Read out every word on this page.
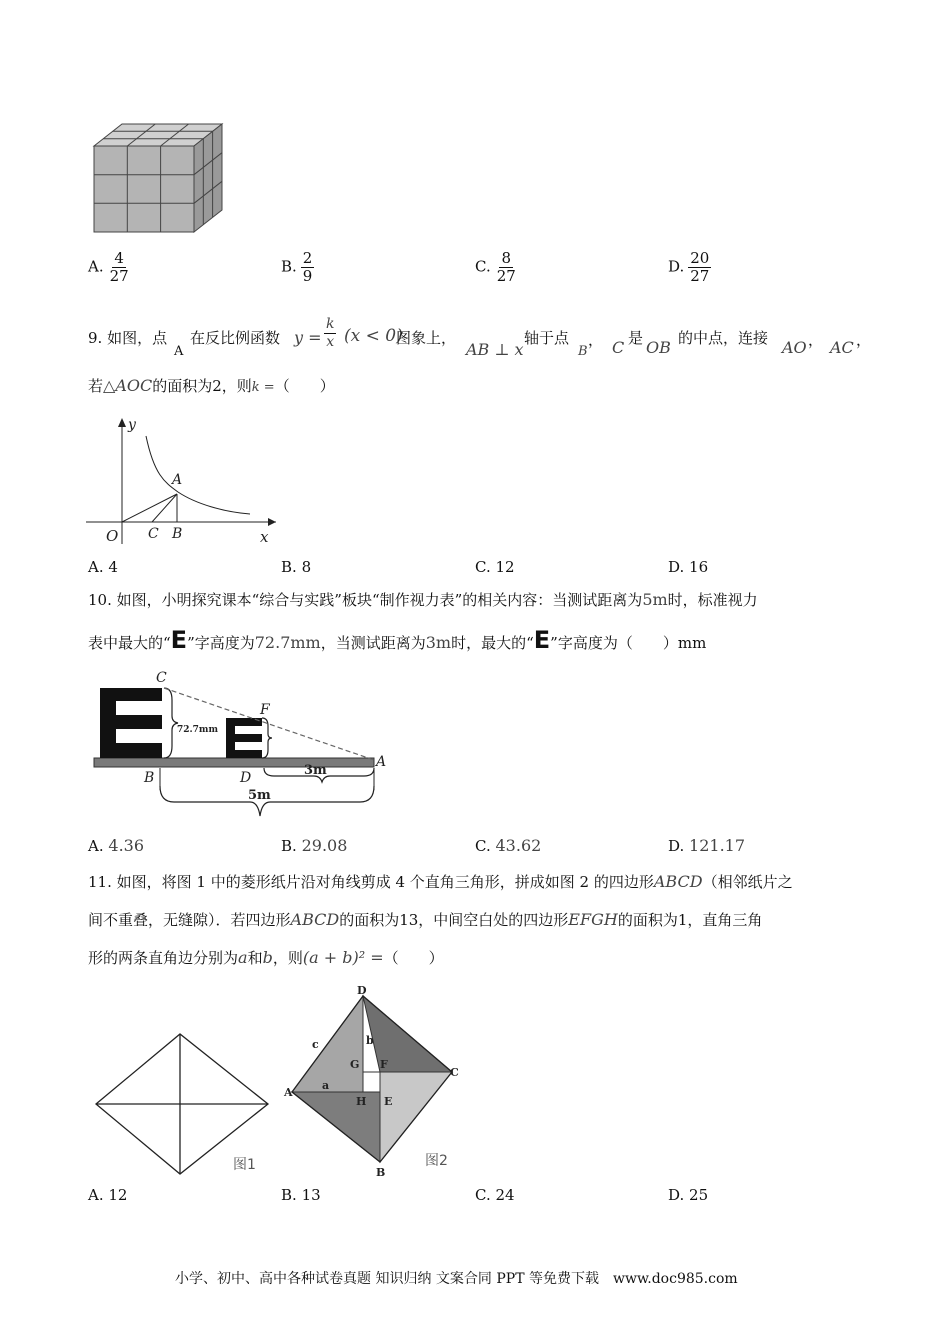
A. $\frac{4}{27}$	B. $\frac{2}{9}$	C. $\frac{8}{27}$	D. $\frac{20}{27}$
9. 如图，点
A
在反比例函数 $y = \frac{k}{x} (x < 0)$
图象上，
AB ⊥ x
轴于点
B
， C 是 OB 的中点，连接 AO ， AC ，
若△AOC的面积为2，则k =（　　）
y
A
O C B	x
A. 4	B. 8	C. 12	D. 16
10. 如图，小明探究课本“综合与实践”板块“制作视力表”的相关内容：当测试距离为5m时，标准视力
表中最大的“E”字高度为72.7mm，当测试距离为3m时，最大的“E”字高度为（　　）mm
C
F
A
B	D
72.7mm
3m
5m
A. 4.36	B. 29.08	C. 43.62	D. 121.17
11. 如图，将图 1 中的菱形纸片沿对角线剪成 4 个直角三角形，拼成如图 2 的四边形ABCD（相邻纸片之
间不重叠，无缝隙）．若四边形ABCD的面积为13，中间空白处的四边形EFGH的面积为1，直角三角
形的两条直角边分别为a和b，则(a + b)² =（　　）
图1
D
C
A
B
c	b
G F
a
H E
图2
A. 12	B. 13	C. 24	D. 25
小学、初中、高中各种试卷真题 知识归纳 文案合同 PPT 等免费下载　www.doc985.com
